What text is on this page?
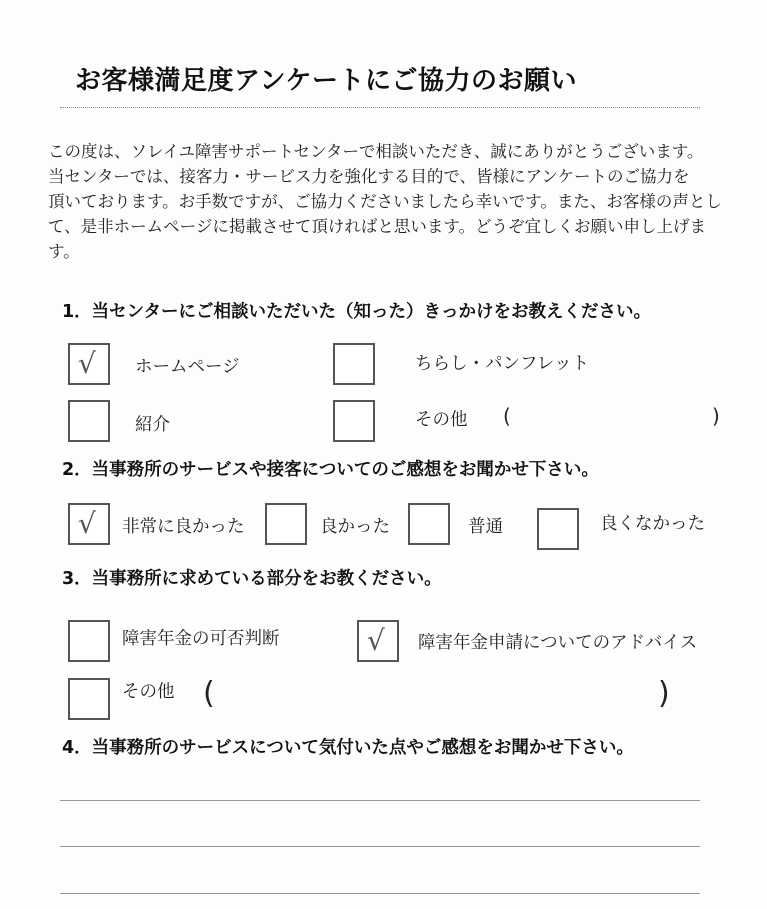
お客様満足度アンケートにご協力のお願い
この度は、ソレイユ障害サポートセンターで相談いただき、誠にありがとうございます。
当センターでは、接客力・サービス力を強化する目的で、皆様にアンケートのご協力を
頂いております。お手数ですが、ご協力くださいましたら幸いです。また、お客様の声とし
て、是非ホームページに掲載させて頂ければと思います。どうぞ宜しくお願い申し上げま
す。
1．当センターにご相談いただいた（知った）きっかけをお教えください。
√ ホームページ	ちらし・パンフレット
紹介	その他 (	)
2．当事務所のサービスや接客についてのご感想をお聞かせ下さい。
√ 非常に良かった	良かった	普通	良くなかった
3．当事務所に求めている部分をお教ください。
障害年金の可否判断	√ 障害年金申請についてのアドバイス
その他 (	)
4．当事務所のサービスについて気付いた点やご感想をお聞かせ下さい。
